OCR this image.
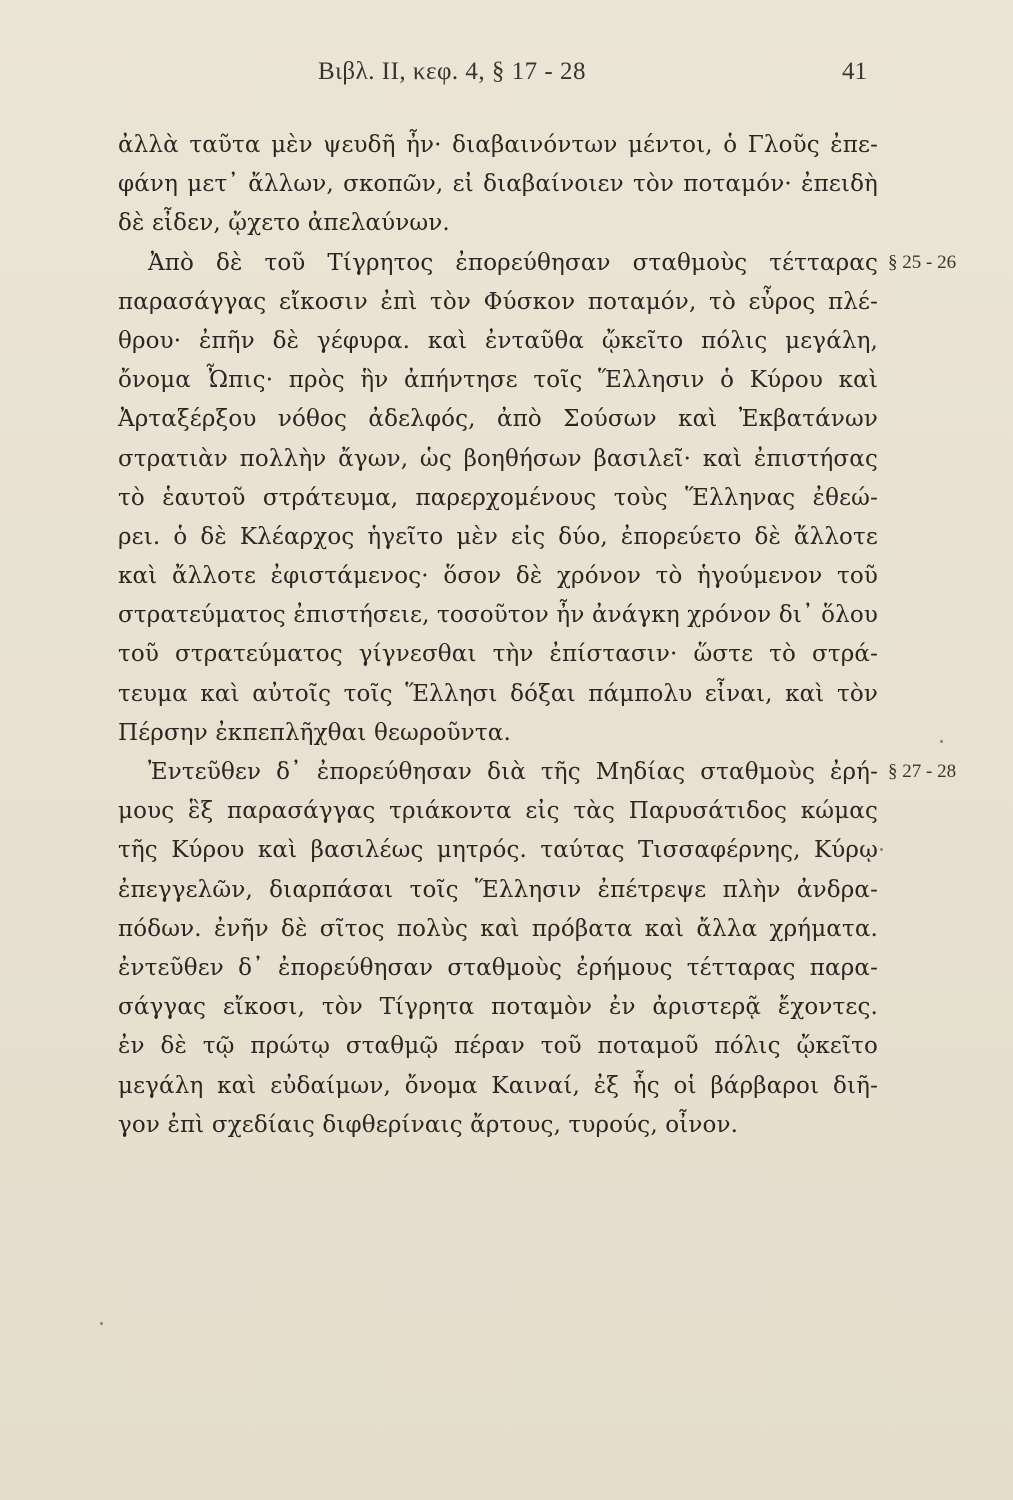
Βιβλ. II, κεφ. 4, § 17 - 28	41
§ 25 - 26
§ 27 - 28
ἀλλὰ ταῦτα μὲν ψευδῆ ἦν· διαβαινόντων μέντοι, ὁ Γλοῦς ἐπε-
φάνη μετ᾽ ἄλλων, σκοπῶν, εἰ διαβαίνοιεν τὸν ποταμόν· ἐπειδὴ
δὲ εἶδεν, ᾤχετο ἀπελαύνων.
Ἀπὸ δὲ τοῦ Τίγρητος ἐπορεύθησαν σταθμοὺς τέτταρας
παρασάγγας εἴκοσιν ἐπὶ τὸν Φύσκον ποταμόν, τὸ εὖρος πλέ-
θρου· ἐπῆν δὲ γέφυρα. καὶ ἐνταῦθα ᾤκεῖτο πόλις μεγάλη,
ὄνομα Ὦπις· πρὸς ἣν ἀπήντησε τοῖς Ἕλλησιν ὁ Κύρου καὶ
Ἀρταξέρξου νόθος ἀδελφός, ἀπὸ Σούσων καὶ Ἐκβατάνων
στρατιὰν πολλὴν ἄγων, ὡς βοηθήσων βασιλεῖ· καὶ ἐπιστήσας
τὸ ἑαυτοῦ στράτευμα, παρερχομένους τοὺς Ἕλληνας ἐθεώ-
ρει. ὁ δὲ Κλέαρχος ἡγεῖτο μὲν εἰς δύο, ἐπορεύετο δὲ ἄλλοτε
καὶ ἄλλοτε ἐφιστάμενος· ὅσον δὲ χρόνον τὸ ἡγούμενον τοῦ
στρατεύματος ἐπιστήσειε, τοσοῦτον ἦν ἀνάγκη χρόνον δι᾽ ὅλου
τοῦ στρατεύματος γίγνεσθαι τὴν ἐπίστασιν· ὥστε τὸ στρά-
τευμα καὶ αὐτοῖς τοῖς Ἕλλησι δόξαι πάμπολυ εἶναι, καὶ τὸν
Πέρσην ἐκπεπλῆχθαι θεωροῦντα.
Ἐντεῦθεν δ᾽ ἐπορεύθησαν διὰ τῆς Μηδίας σταθμοὺς ἐρή-
μους ἓξ παρασάγγας τριάκοντα εἰς τὰς Παρυσάτιδος κώμας
τῆς Κύρου καὶ βασιλέως μητρός. ταύτας Τισσαφέρνης, Κύρῳ
ἐπεγγελῶν, διαρπάσαι τοῖς Ἕλλησιν ἐπέτρεψε πλὴν ἀνδρα-
πόδων. ἐνῆν δὲ σῖτος πολὺς καὶ πρόβατα καὶ ἄλλα χρήματα.
ἐντεῦθεν δ᾽ ἐπορεύθησαν σταθμοὺς ἐρήμους τέτταρας παρα-
σάγγας εἴκοσι, τὸν Τίγρητα ποταμὸν ἐν ἀριστερᾷ ἔχοντες.
ἐν δὲ τῷ πρώτῳ σταθμῷ πέραν τοῦ ποταμοῦ πόλις ᾤκεῖτο
μεγάλη καὶ εὐδαίμων, ὄνομα Καιναί, ἐξ ἧς οἱ βάρβαροι διῆ-
γον ἐπὶ σχεδίαις διφθερίναις ἄρτους, τυρούς, οἶνον.
